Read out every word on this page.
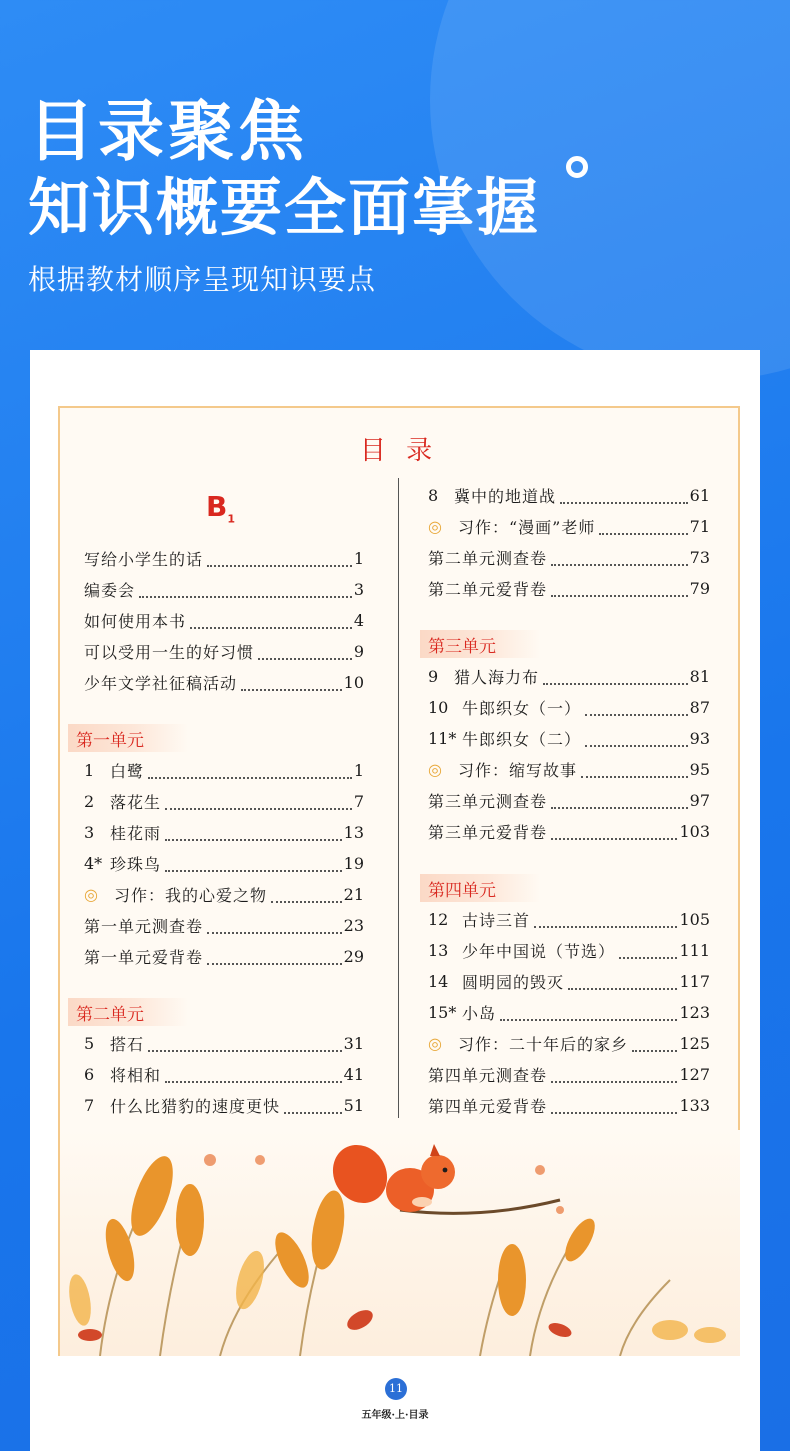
目录聚焦
知识概要全面掌握
根据教材顺序呈现知识要点
目 录
$B_1$
写给小学生的话	1
编委会	3
如何使用本书	4
可以受用一生的好习惯	9
少年文学社征稿活动	10
第一单元
1 白鹭	1
2 落花生	7
3 桂花雨	13
4* 珍珠鸟	19
◎	习作：我的心爱之物	21
第一单元测查卷	23
第一单元爱背卷	29
第二单元
5 搭石	31
6 将相和	41
7 什么比猎豹的速度更快	51
8 冀中的地道战	61
◎	习作：“漫画”老师	71
第二单元测查卷	73
第二单元爱背卷	79
第三单元
9 猎人海力布	81
10 牛郎织女（一）	87
11* 牛郎织女（二）	93
◎	习作：缩写故事	95
第三单元测查卷	97
第三单元爱背卷	103
第四单元
12 古诗三首	105
13 少年中国说（节选）	111
14 圆明园的毁灭	117
15* 小岛	123
◎	习作：二十年后的家乡	125
第四单元测查卷	127
第四单元爱背卷	133
11
五年级·上·目录
